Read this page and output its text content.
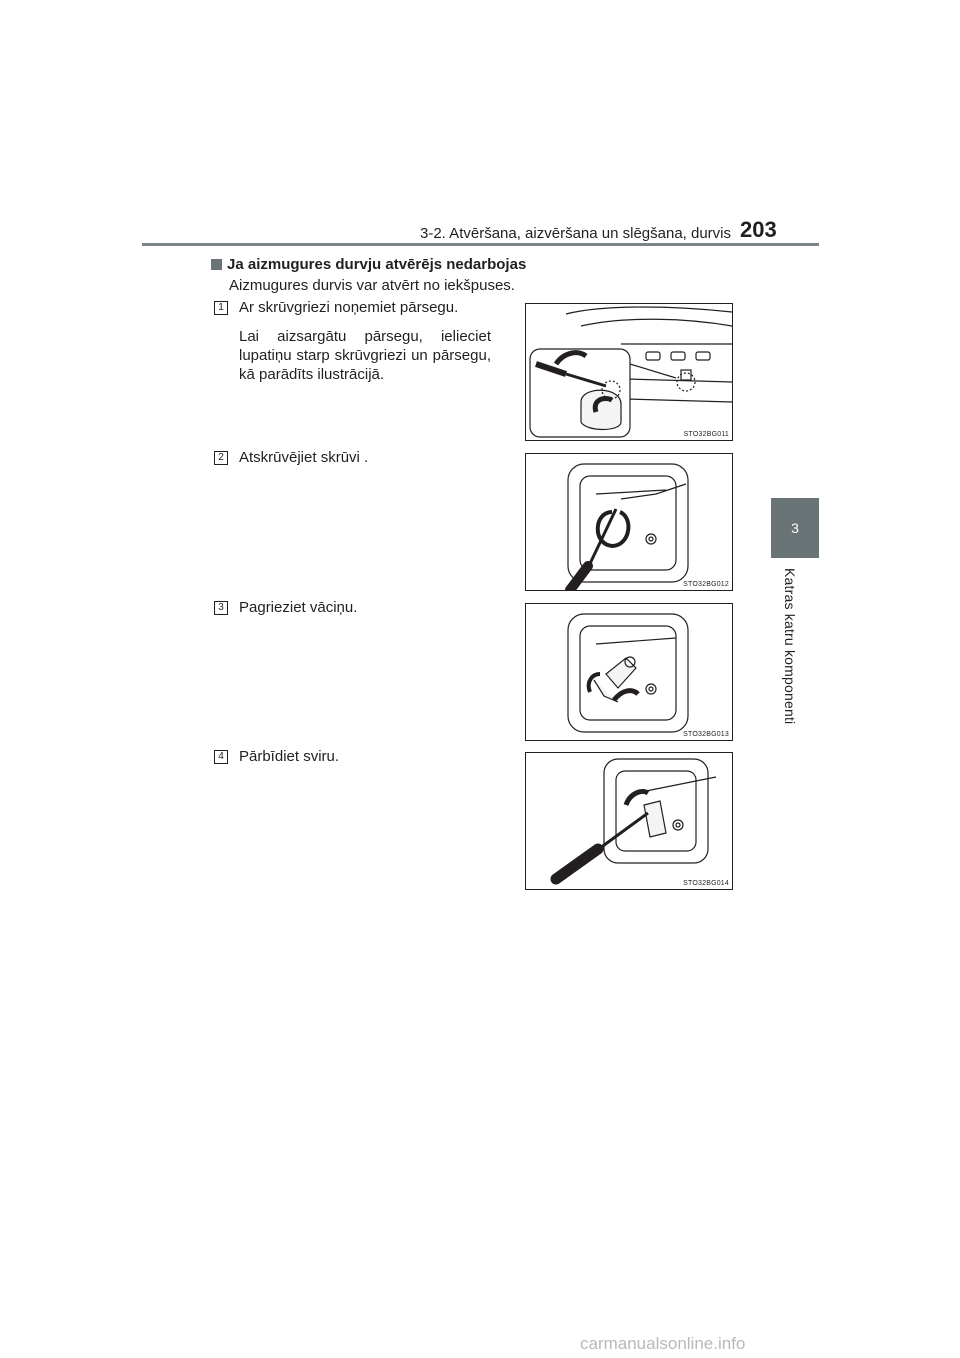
3-2. Atvēršana, aizvēršana un slēgšana, durvis 203
3
Katras katru komponenti
Ja aizmugures durvju atvērējs nedarbojas
Aizmugures durvis var atvērt no iekšpuses.
1 Ar skrūvgriezi noņemiet pārsegu.

Lai aizsargātu pārsegu, ielieciet lupatiņu starp skrūvgriezi un pārsegu, kā parādīts ilustrācijā.

STO32BG011
2 Atskrūvējiet skrūvi .
STO32BG012
3 Pagrieziet vāciņu.
STO32BG013
4 Pārbīdiet sviru.
STO32BG014
carmanualsonline.info
